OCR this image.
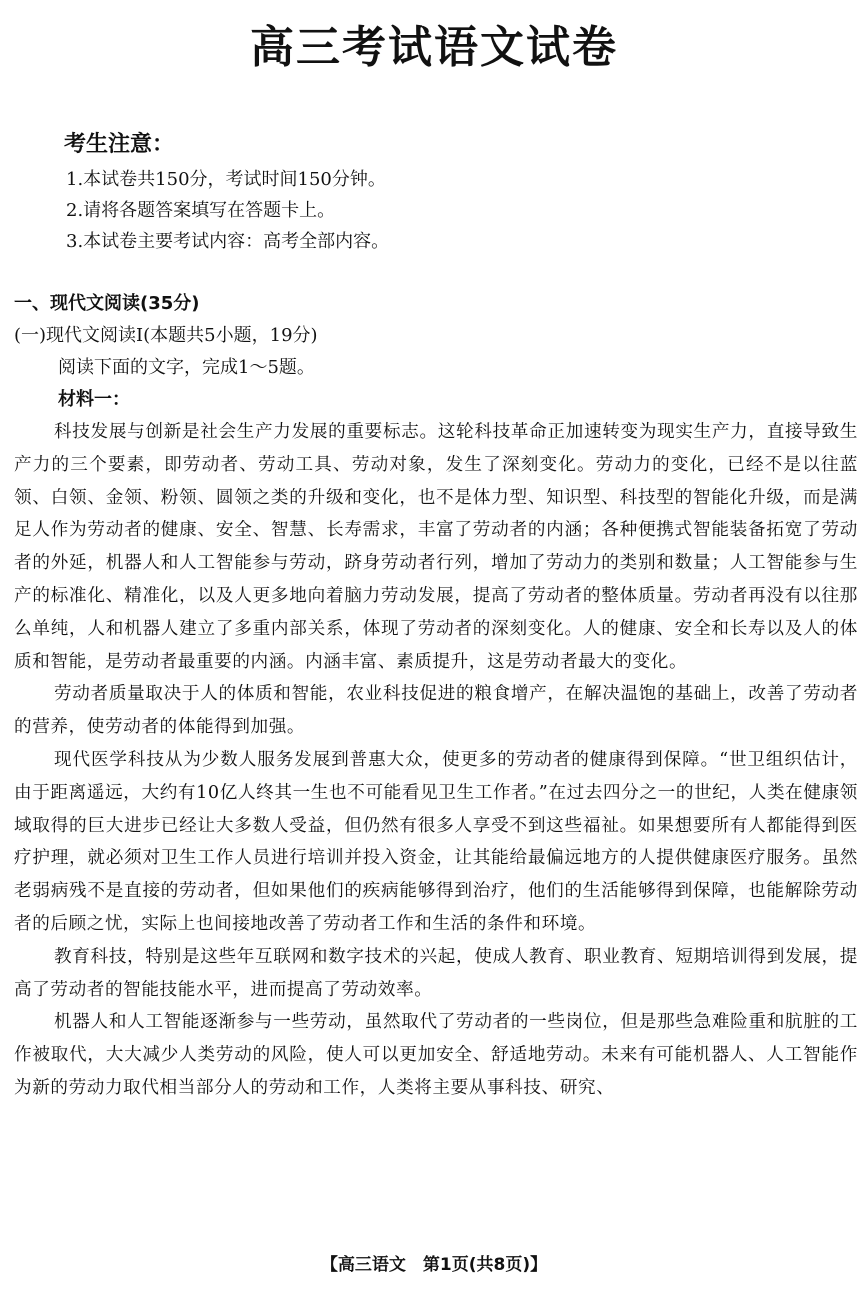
高三考试语文试卷

考生注意：

1.本试卷共150分，考试时间150分钟。

2.请将各题答案填写在答题卡上。

3.本试卷主要考试内容：高考全部内容。

一、现代文阅读(35分)

(一)现代文阅读Ⅰ(本题共5小题，19分)

阅读下面的文字，完成1～5题。

材料一：

科技发展与创新是社会生产力发展的重要标志。这轮科技革命正加速转变为现实生产力，直接导致生产力的三个要素，即劳动者、劳动工具、劳动对象，发生了深刻变化。劳动力的变化，已经不是以往蓝领、白领、金领、粉领、圆领之类的升级和变化，也不是体力型、知识型、科技型的智能化升级，而是满足人作为劳动者的健康、安全、智慧、长寿需求，丰富了劳动者的内涵；各种便携式智能装备拓宽了劳动者的外延，机器人和人工智能参与劳动，跻身劳动者行列，增加了劳动力的类别和数量；人工智能参与生产的标准化、精准化，以及人更多地向着脑力劳动发展，提高了劳动者的整体质量。劳动者再没有以往那么单纯，人和机器人建立了多重内部关系，体现了劳动者的深刻变化。人的健康、安全和长寿以及人的体质和智能，是劳动者最重要的内涵。内涵丰富、素质提升，这是劳动者最大的变化。

劳动者质量取决于人的体质和智能，农业科技促进的粮食增产，在解决温饱的基础上，改善了劳动者的营养，使劳动者的体能得到加强。

现代医学科技从为少数人服务发展到普惠大众，使更多的劳动者的健康得到保障。“世卫组织估计，由于距离遥远，大约有10亿人终其一生也不可能看见卫生工作者。”在过去四分之一的世纪，人类在健康领域取得的巨大进步已经让大多数人受益，但仍然有很多人享受不到这些福祉。如果想要所有人都能得到医疗护理，就必须对卫生工作人员进行培训并投入资金，让其能给最偏远地方的人提供健康医疗服务。虽然老弱病残不是直接的劳动者，但如果他们的疾病能够得到治疗，他们的生活能够得到保障，也能解除劳动者的后顾之忧，实际上也间接地改善了劳动者工作和生活的条件和环境。

教育科技，特别是这些年互联网和数字技术的兴起，使成人教育、职业教育、短期培训得到发展，提高了劳动者的智能技能水平，进而提高了劳动效率。

机器人和人工智能逐渐参与一些劳动，虽然取代了劳动者的一些岗位，但是那些急难险重和肮脏的工作被取代，大大减少人类劳动的风险，使人可以更加安全、舒适地劳动。未来有可能机器人、人工智能作为新的劳动力取代相当部分人的劳动和工作，人类将主要从事科技、研究、

【高三语文　第1页(共8页)】
